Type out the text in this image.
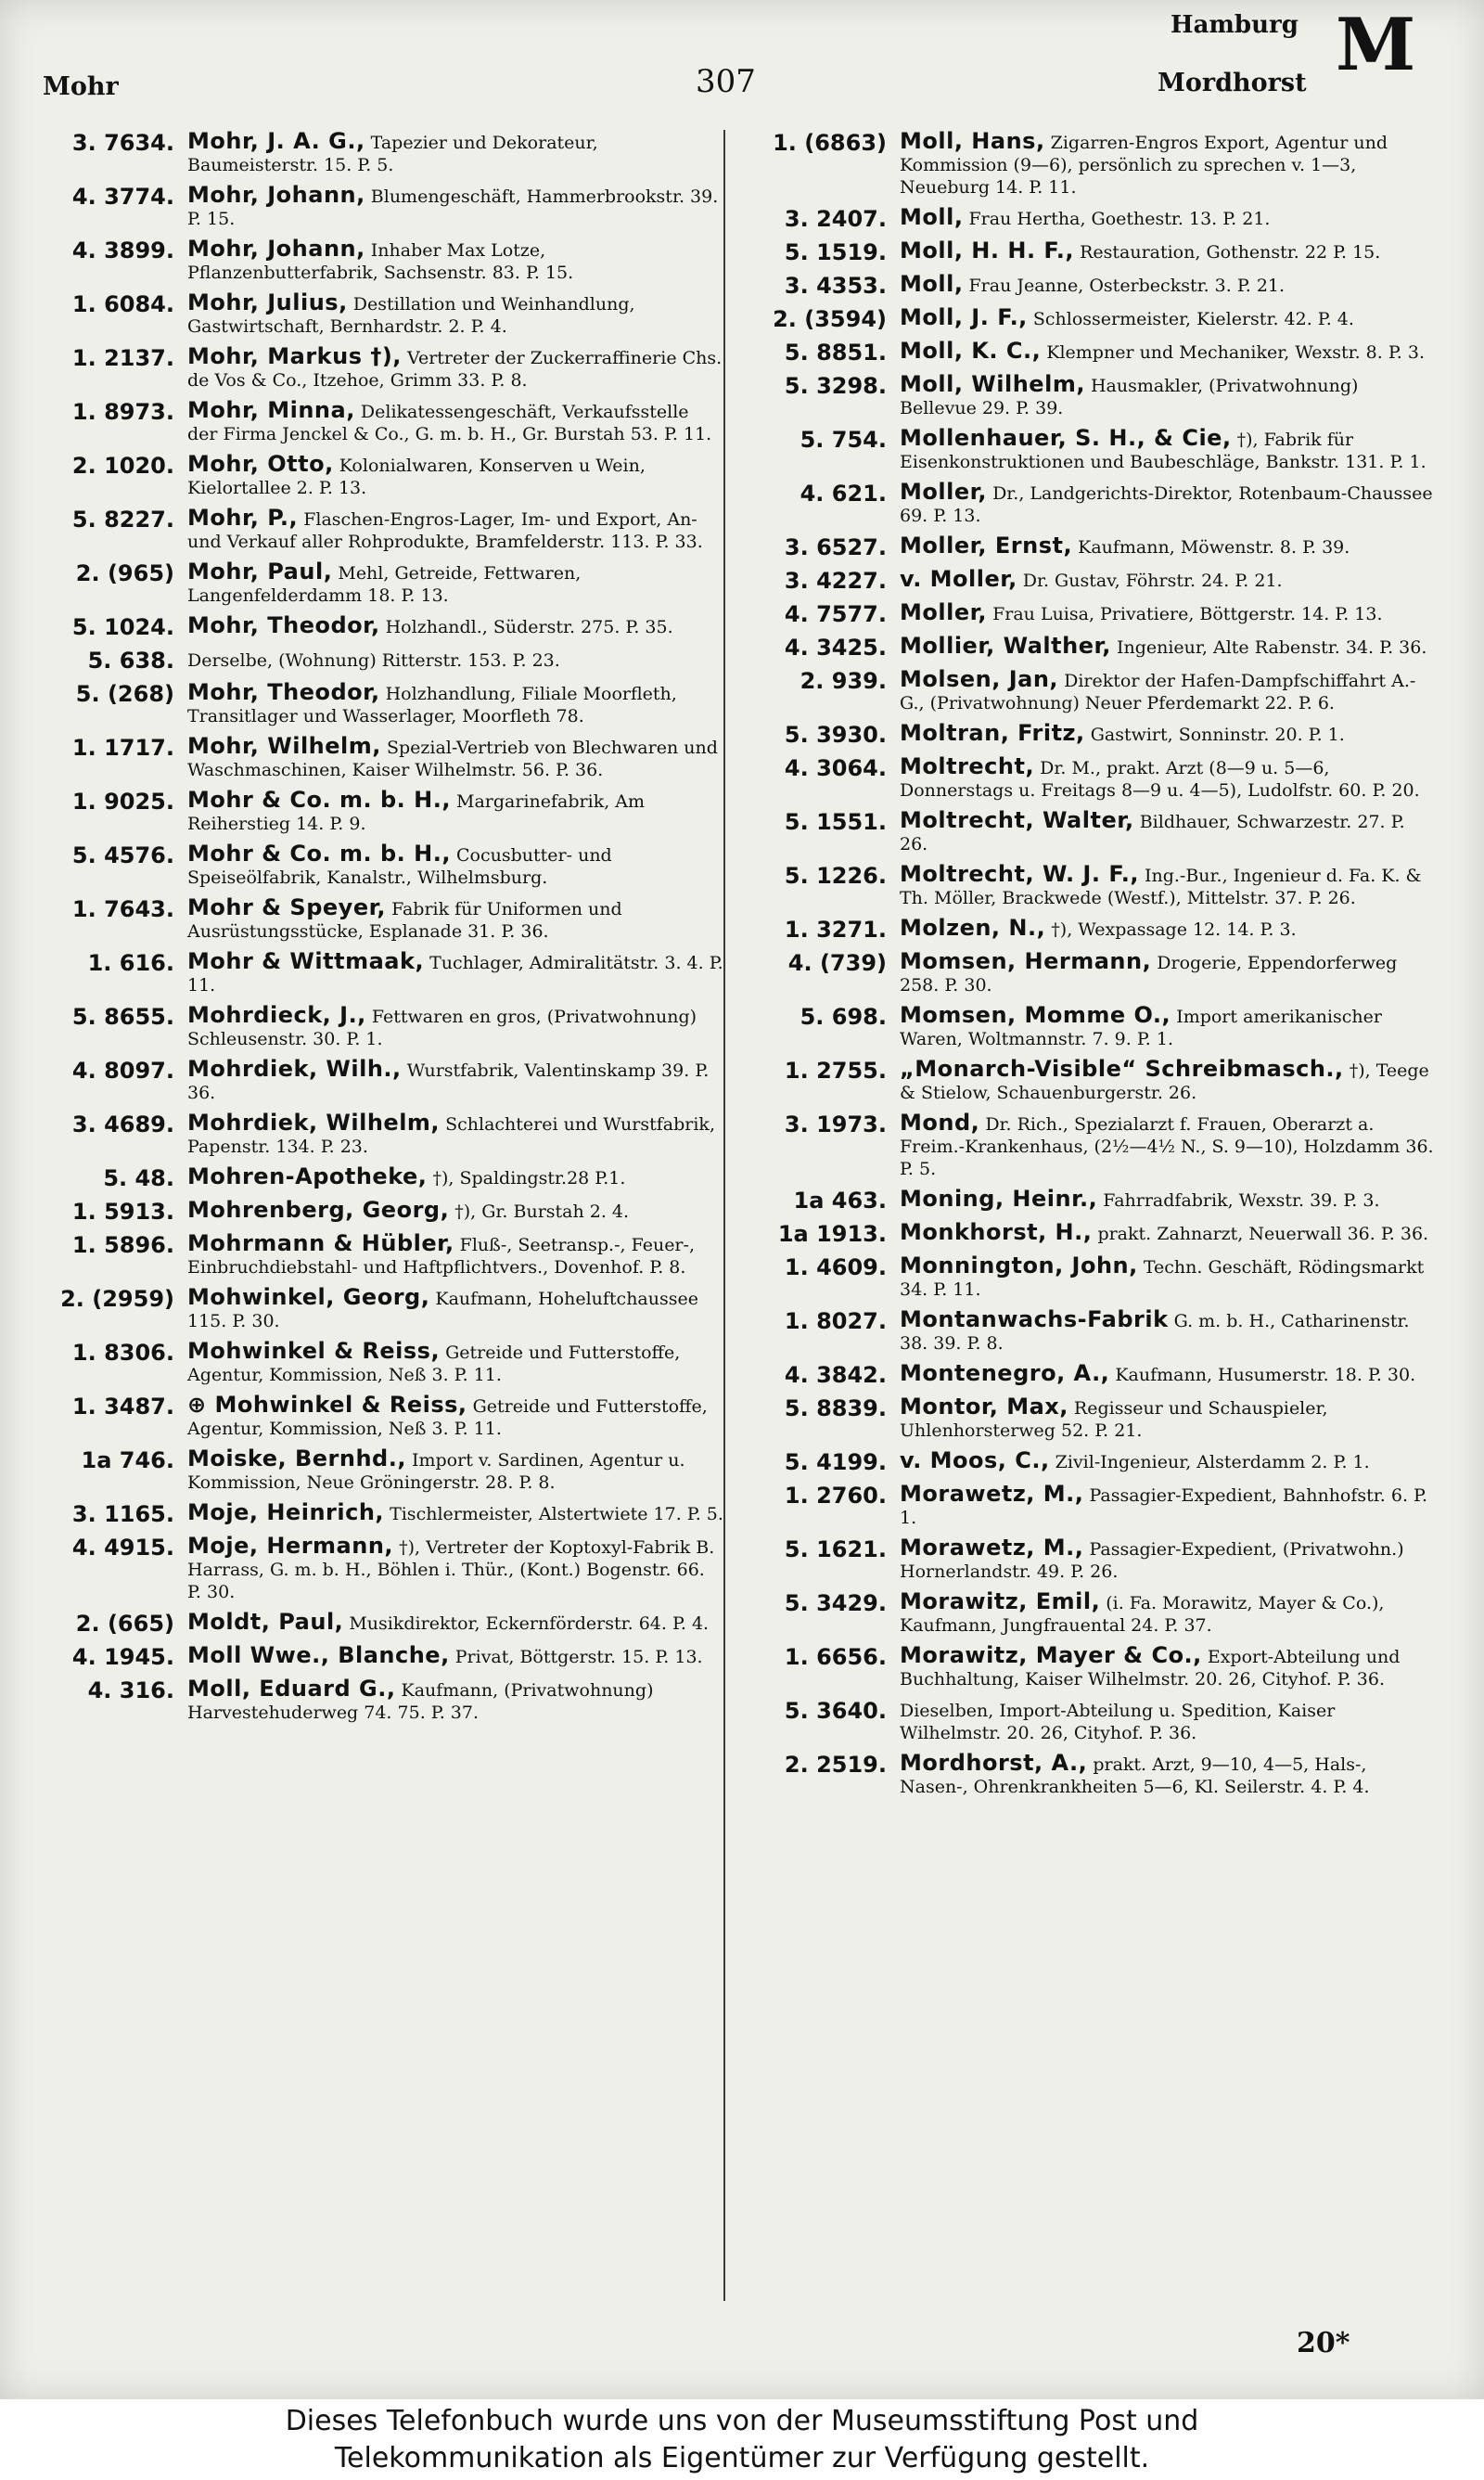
Mohr	307
Hamburg
Mordhorst M
3. 7634. Mohr, J. A. G., Tapezier und Dekorateur, Baumeisterstr. 15. P. 5.
4. 3774. Mohr, Johann, Blumengeschäft, Hammerbrookstr. 39. P. 15.
4. 3899. Mohr, Johann, Inhaber Max Lotze, Pflanzenbutterfabrik, Sachsenstr. 83. P. 15.
1. 6084. Mohr, Julius, Destillation und Weinhandlung, Gastwirtschaft, Bernhardstr. 2. P. 4.
1. 2137. Mohr, Markus †), Vertreter der Zuckerraffinerie Chs. de Vos & Co., Itzehoe, Grimm 33. P. 8.
1. 8973. Mohr, Minna, Delikatessengeschäft, Verkaufsstelle der Firma Jenckel & Co., G. m. b. H., Gr. Burstah 53. P. 11.
2. 1020. Mohr, Otto, Kolonialwaren, Konserven u Wein, Kielortallee 2. P. 13.
5. 8227. Mohr, P., Flaschen-Engros-Lager, Im- und Export, An- und Verkauf aller Rohprodukte, Bramfelderstr. 113. P. 33.
2. (965) Mohr, Paul, Mehl, Getreide, Fettwaren, Langenfelderdamm 18. P. 13.
5. 1024. Mohr, Theodor, Holzhandl., Süderstr. 275. P. 35.
5. 638. Derselbe, (Wohnung) Ritterstr. 153. P. 23.
5. (268) Mohr, Theodor, Holzhandlung, Filiale Moorfleth, Transitlager und Wasserlager, Moorfleth 78.
1. 1717. Mohr, Wilhelm, Spezial-Vertrieb von Blechwaren und Waschmaschinen, Kaiser Wilhelmstr. 56. P. 36.
1. 9025. Mohr & Co. m. b. H., Margarinefabrik, Am Reiherstieg 14. P. 9.
5. 4576. Mohr & Co. m. b. H., Cocusbutter- und Speiseölfabrik, Kanalstr., Wilhelmsburg.
1. 7643. Mohr & Speyer, Fabrik für Uniformen und Ausrüstungsstücke, Esplanade 31. P. 36.
1. 616. Mohr & Wittmaak, Tuchlager, Admiralitätstr. 3. 4. P. 11.
5. 8655. Mohrdieck, J., Fettwaren en gros, (Privatwohnung) Schleusenstr. 30. P. 1.
4. 8097. Mohrdiek, Wilh., Wurstfabrik, Valentinskamp 39. P. 36.
3. 4689. Mohrdiek, Wilhelm, Schlachterei und Wurstfabrik, Papenstr. 134. P. 23.
5. 48. Mohren-Apotheke, †), Spaldingstr.28 P.1.
1. 5913. Mohrenberg, Georg, †), Gr. Burstah 2. 4.
1. 5896. Mohrmann & Hübler, Fluß-, Seetransp.-, Feuer-, Einbruchdiebstahl- und Haftpflichtvers., Dovenhof. P. 8.
2. (2959) Mohwinkel, Georg, Kaufmann, Hoheluftchaussee 115. P. 30.
1. 8306. Mohwinkel & Reiss, Getreide und Futterstoffe, Agentur, Kommission, Neß 3. P. 11.
1. 3487. ⊕ Mohwinkel & Reiss, Getreide und Futterstoffe, Agentur, Kommission, Neß 3. P. 11.
1a 746. Moiske, Bernhd., Import v. Sardinen, Agentur u. Kommission, Neue Gröningerstr. 28. P. 8.
3. 1165. Moje, Heinrich, Tischlermeister, Alstertwiete 17. P. 5.
4. 4915. Moje, Hermann, †), Vertreter der Koptoxyl-Fabrik B. Harrass, G. m. b. H., Böhlen i. Thür., (Kont.) Bogenstr. 66. P. 30.
2. (665) Moldt, Paul, Musikdirektor, Eckernförderstr. 64. P. 4.
4. 1945. Moll Wwe., Blanche, Privat, Böttgerstr. 15. P. 13.
4. 316. Moll, Eduard G., Kaufmann, (Privatwohnung) Harvestehuderweg 74. 75. P. 37.
1. (6863) Moll, Hans, Zigarren-Engros Export, Agentur und Kommission (9—6), persönlich zu sprechen v. 1—3, Neueburg 14. P. 11.
3. 2407. Moll, Frau Hertha, Goethestr. 13. P. 21.
5. 1519. Moll, H. H. F., Restauration, Gothenstr. 22 P. 15.
3. 4353. Moll, Frau Jeanne, Osterbeckstr. 3. P. 21.
2. (3594) Moll, J. F., Schlossermeister, Kielerstr. 42. P. 4.
5. 8851. Moll, K. C., Klempner und Mechaniker, Wexstr. 8. P. 3.
5. 3298. Moll, Wilhelm, Hausmakler, (Privatwohnung) Bellevue 29. P. 39.
5. 754. Mollenhauer, S. H., & Cie, †), Fabrik für Eisenkonstruktionen und Baubeschläge, Bankstr. 131. P. 1.
4. 621. Moller, Dr., Landgerichts-Direktor, Rotenbaum-Chaussee 69. P. 13.
3. 6527. Moller, Ernst, Kaufmann, Möwenstr. 8. P. 39.
3. 4227. v. Moller, Dr. Gustav, Föhrstr. 24. P. 21.
4. 7577. Moller, Frau Luisa, Privatiere, Böttgerstr. 14. P. 13.
4. 3425. Mollier, Walther, Ingenieur, Alte Rabenstr. 34. P. 36.
2. 939. Molsen, Jan, Direktor der Hafen-Dampfschiffahrt A.-G., (Privatwohnung) Neuer Pferdemarkt 22. P. 6.
5. 3930. Moltran, Fritz, Gastwirt, Sonninstr. 20. P. 1.
4. 3064. Moltrecht, Dr. M., prakt. Arzt (8—9 u. 5—6, Donnerstags u. Freitags 8—9 u. 4—5), Ludolfstr. 60. P. 20.
5. 1551. Moltrecht, Walter, Bildhauer, Schwarzestr. 27. P. 26.
5. 1226. Moltrecht, W. J. F., Ing.-Bur., Ingenieur d. Fa. K. & Th. Möller, Brackwede (Westf.), Mittelstr. 37. P. 26.
1. 3271. Molzen, N., †), Wexpassage 12. 14. P. 3.
4. (739) Momsen, Hermann, Drogerie, Eppendorferweg 258. P. 30.
5. 698. Momsen, Momme O., Import amerikanischer Waren, Woltmannstr. 7. 9. P. 1.
1. 2755. „Monarch-Visible“ Schreibmasch., †), Teege & Stielow, Schauenburgerstr. 26.
3. 1973. Mond, Dr. Rich., Spezialarzt f. Frauen, Oberarzt a. Freim.-Krankenhaus, (2½—4½ N., S. 9—10), Holzdamm 36. P. 5.
1a 463. Moning, Heinr., Fahrradfabrik, Wexstr. 39. P. 3.
1a 1913. Monkhorst, H., prakt. Zahnarzt, Neuerwall 36. P. 36.
1. 4609. Monnington, John, Techn. Geschäft, Rödingsmarkt 34. P. 11.
1. 8027. Montanwachs-Fabrik G. m. b. H., Catharinenstr. 38. 39. P. 8.
4. 3842. Montenegro, A., Kaufmann, Husumerstr. 18. P. 30.
5. 8839. Montor, Max, Regisseur und Schauspieler, Uhlenhorsterweg 52. P. 21.
5. 4199. v. Moos, C., Zivil-Ingenieur, Alsterdamm 2. P. 1.
1. 2760. Morawetz, M., Passagier-Expedient, Bahnhofstr. 6. P. 1.
5. 1621. Morawetz, M., Passagier-Expedient, (Privatwohn.) Hornerlandstr. 49. P. 26.
5. 3429. Morawitz, Emil, (i. Fa. Morawitz, Mayer & Co.), Kaufmann, Jungfrauental 24. P. 37.
1. 6656. Morawitz, Mayer & Co., Export-Abteilung und Buchhaltung, Kaiser Wilhelmstr. 20. 26, Cityhof. P. 36.
5. 3640. Dieselben, Import-Abteilung u. Spedition, Kaiser Wilhelmstr. 20. 26, Cityhof. P. 36.
2. 2519. Mordhorst, A., prakt. Arzt, 9—10, 4—5, Hals-, Nasen-, Ohrenkrankheiten 5—6, Kl. Seilerstr. 4. P. 4.
20*
Dieses Telefonbuch wurde uns von der Museumsstiftung Post und
Telekommunikation als Eigentümer zur Verfügung gestellt.
